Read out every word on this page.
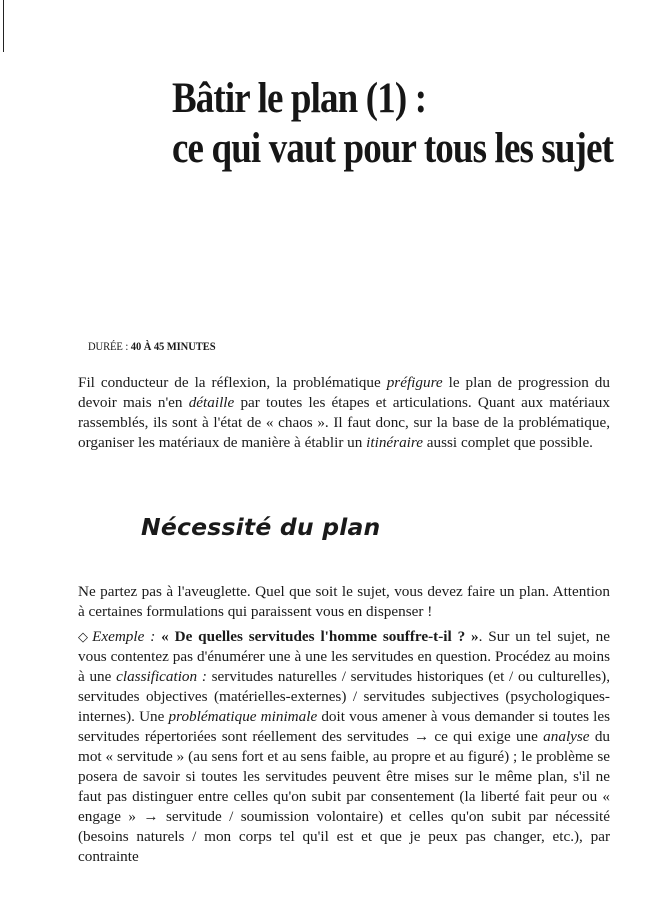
Bâtir le plan (1) :
ce qui vaut pour tous les sujet
DURÉE : 40 À 45 MINUTES

Fil conducteur de la réflexion, la problématique préfigure le plan de progression du devoir mais n'en détaille par toutes les étapes et articulations. Quant aux matériaux rassemblés, ils sont à l'état de « chaos ». Il faut donc, sur la base de la problématique, organiser les matériaux de manière à établir un itinéraire aussi complet que possible.

Nécessité du plan

Ne partez pas à l'aveuglette. Quel que soit le sujet, vous devez faire un plan. Attention à certaines formulations qui paraissent vous en dispenser !

◇ Exemple : « De quelles servitudes l'homme souffre-t-il ? ». Sur un tel sujet, ne vous contentez pas d'énumérer une à une les servitudes en question. Procédez au moins à une classification : servitudes naturelles / servitudes historiques (et / ou culturelles), servitudes objectives (matérielles-externes) / servitudes subjectives (psychologiques-internes). Une problématique minimale doit vous amener à vous demander si toutes les servitudes répertoriées sont réellement des servitudes → ce qui exige une analyse du mot « servitude » (au sens fort et au sens faible, au propre et au figuré) ; le problème se posera de savoir si toutes les servitudes peuvent être mises sur le même plan, s'il ne faut pas distinguer entre celles qu'on subit par consentement (la liberté fait peur ou « engage » → servitude / soumission volontaire) et celles qu'on subit par nécessité (besoins naturels / mon corps tel qu'il est et que je peux pas changer, etc.), par contrainte
